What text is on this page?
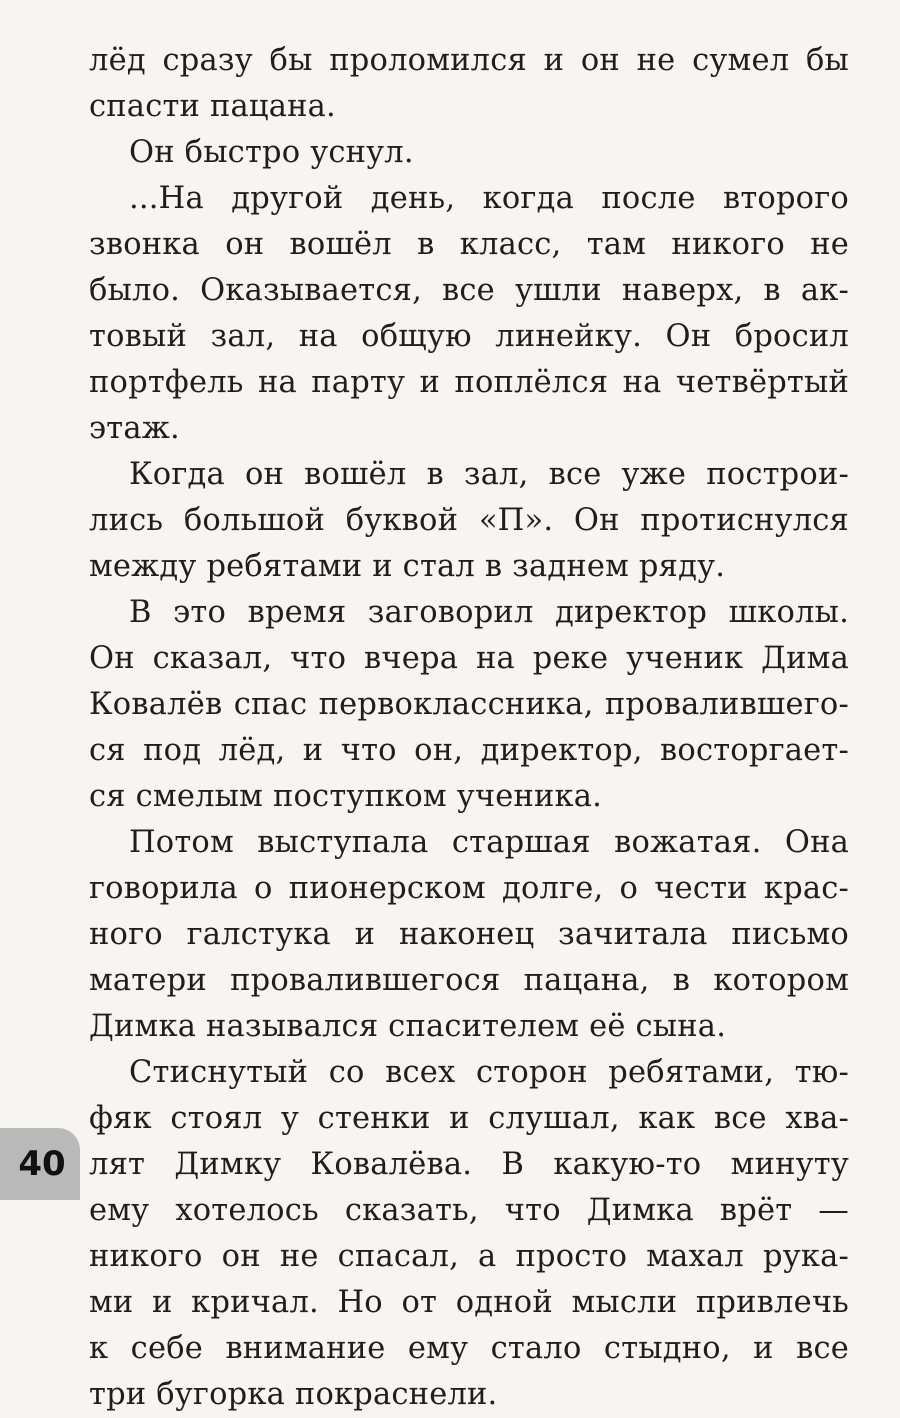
лёд сразу бы проломился и он не сумел бы
спасти пацана.
Он быстро уснул.
...На другой день, когда после второго
звонка он вошёл в класс, там никого не
было. Оказывается, все ушли наверх, в ак-
товый зал, на общую линейку. Он бросил
портфель на парту и поплёлся на четвёртый
этаж.
Когда он вошёл в зал, все уже построи-
лись большой буквой «П». Он протиснулся
между ребятами и стал в заднем ряду.
В это время заговорил директор школы.
Он сказал, что вчера на реке ученик Дима
Ковалёв спас первоклассника, провалившего-
ся под лёд, и что он, директор, восторгает-
ся смелым поступком ученика.
Потом выступала старшая вожатая. Она
говорила о пионерском долге, о чести крас-
ного галстука и наконец зачитала письмо
матери провалившегося пацана, в котором
Димка назывался спасителем её сына.
Стиснутый со всех сторон ребятами, тю-
фяк стоял у стенки и слушал, как все хва-
лят Димку Ковалёва. В какую-то минуту
ему хотелось сказать, что Димка врёт —
никого он не спасал, а просто махал рука-
ми и кричал. Но от одной мысли привлечь
к себе внимание ему стало стыдно, и все
три бугорка покраснели.
40
